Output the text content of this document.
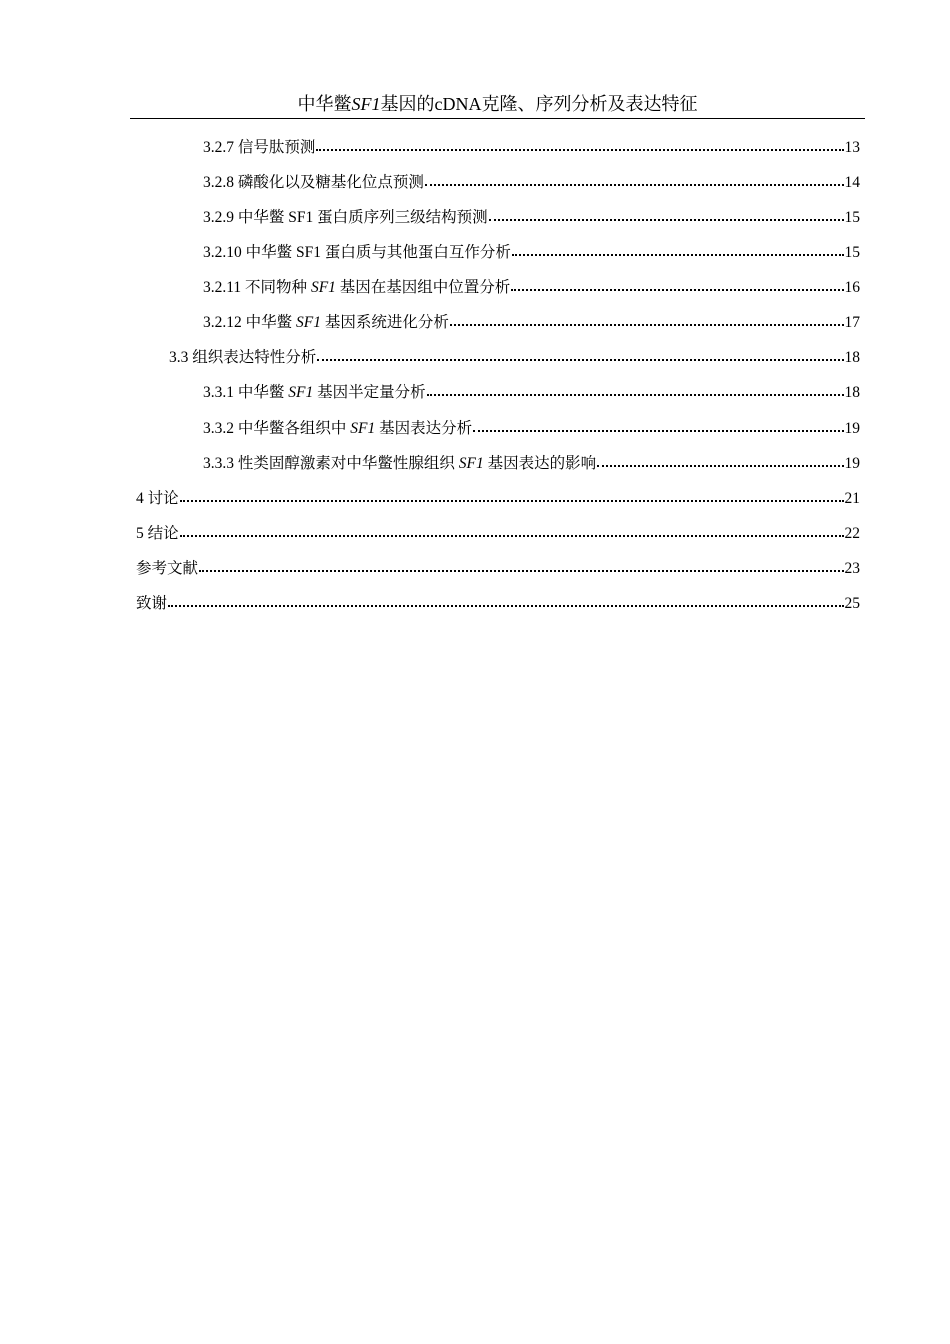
中华鳖SF1基因的cDNA克隆、序列分析及表达特征
3.2.7 信号肽预测	13
3.2.8 磷酸化以及糖基化位点预测	14
3.2.9 中华鳖 SF1 蛋白质序列三级结构预测	15
3.2.10 中华鳖 SF1 蛋白质与其他蛋白互作分析	15
3.2.11 不同物种 SF1 基因在基因组中位置分析	16
3.2.12 中华鳖 SF1 基因系统进化分析	17
3.3 组织表达特性分析	18
3.3.1 中华鳖 SF1 基因半定量分析	18
3.3.2 中华鳖各组织中 SF1 基因表达分析	19
3.3.3 性类固醇激素对中华鳖性腺组织 SF1 基因表达的影响	19
4 讨论	21
5 结论	22
参考文献	23
致谢	25
